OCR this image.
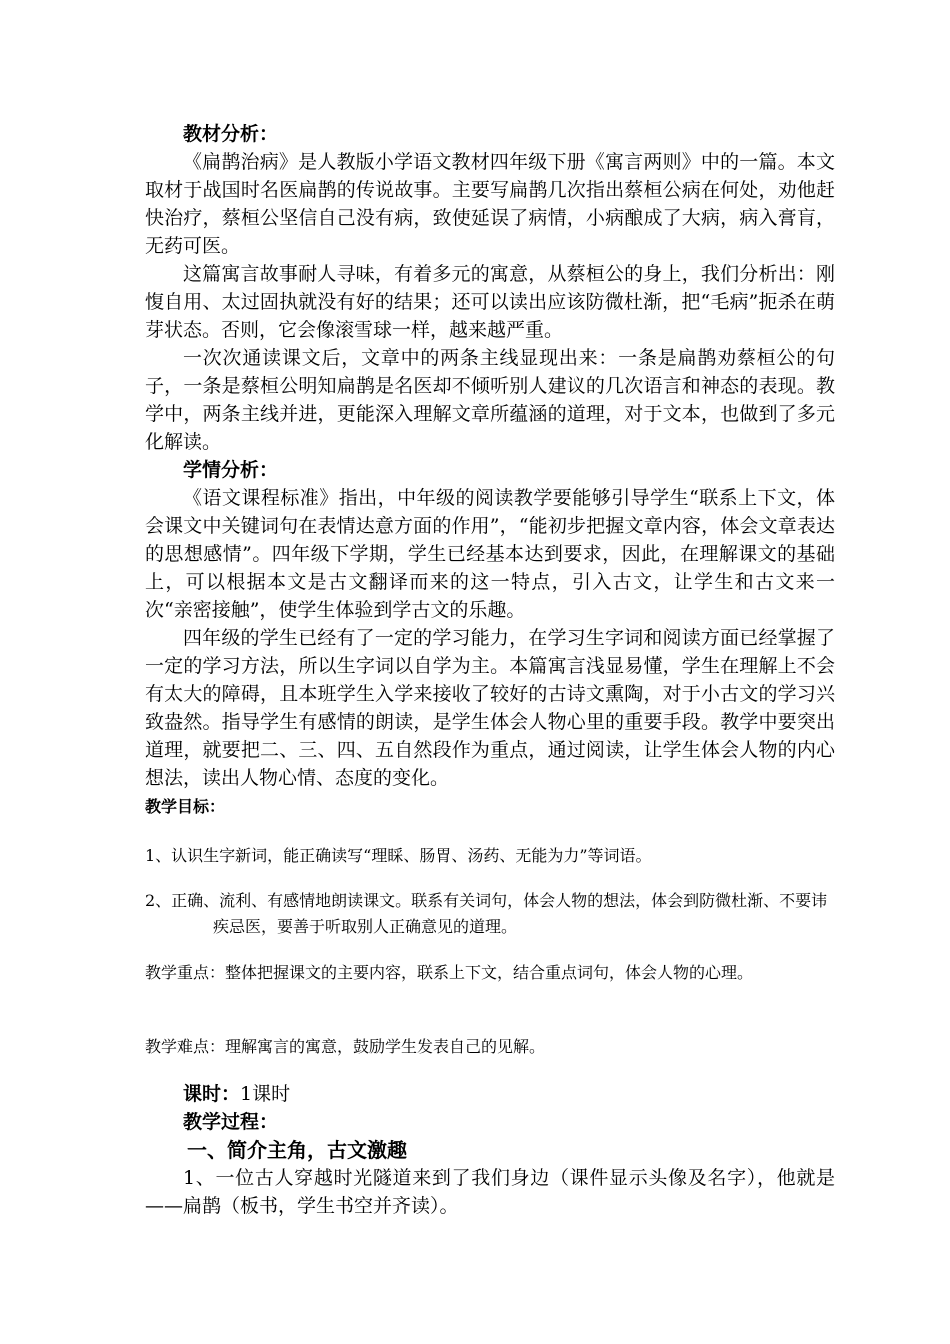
教材分析：

《扁鹊治病》是人教版小学语文教材四年级下册《寓言两则》中的一篇。本文取材于战国时名医扁鹊的传说故事。主要写扁鹊几次指出蔡桓公病在何处，劝他赶快治疗，蔡桓公坚信自己没有病，致使延误了病情，小病酿成了大病，病入膏肓，无药可医。

这篇寓言故事耐人寻味，有着多元的寓意，从蔡桓公的身上，我们分析出：刚愎自用、太过固执就没有好的结果；还可以读出应该防微杜渐，把“毛病”扼杀在萌芽状态。否则，它会像滚雪球一样，越来越严重。

一次次通读课文后，文章中的两条主线显现出来：一条是扁鹊劝蔡桓公的句子，一条是蔡桓公明知扁鹊是名医却不倾听别人建议的几次语言和神态的表现。教学中，两条主线并进，更能深入理解文章所蕴涵的道理，对于文本，也做到了多元化解读。

学情分析：

《语文课程标准》指出，中年级的阅读教学要能够引导学生“联系上下文，体会课文中关键词句在表情达意方面的作用”，“能初步把握文章内容，体会文章表达的思想感情”。四年级下学期，学生已经基本达到要求，因此，在理解课文的基础上，可以根据本文是古文翻译而来的这一特点，引入古文，让学生和古文来一次“亲密接触”，使学生体验到学古文的乐趣。

四年级的学生已经有了一定的学习能力，在学习生字词和阅读方面已经掌握了一定的学习方法，所以生字词以自学为主。本篇寓言浅显易懂，学生在理解上不会有太大的障碍，且本班学生入学来接收了较好的古诗文熏陶，对于小古文的学习兴致盎然。指导学生有感情的朗读，是学生体会人物心里的重要手段。教学中要突出道理，就要把二、三、四、五自然段作为重点，通过阅读，让学生体会人物的内心想法，读出人物心情、态度的变化。

教学目标：

1、认识生字新词，能正确读写“理睬、肠胃、汤药、无能为力”等词语。

2、正确、流利、有感情地朗读课文。联系有关词句，体会人物的想法，体会到防微杜渐、不要讳疾忌医，要善于听取别人正确意见的道理。

教学重点：整体把握课文的主要内容，联系上下文，结合重点词句，体会人物的心理。

教学难点：理解寓言的寓意，鼓励学生发表自己的见解。

课时：1课时
教学过程：
一、简介主角，古文激趣

1、一位古人穿越时光隧道来到了我们身边（课件显示头像及名字），他就是——扁鹊（板书，学生书空并齐读）。
